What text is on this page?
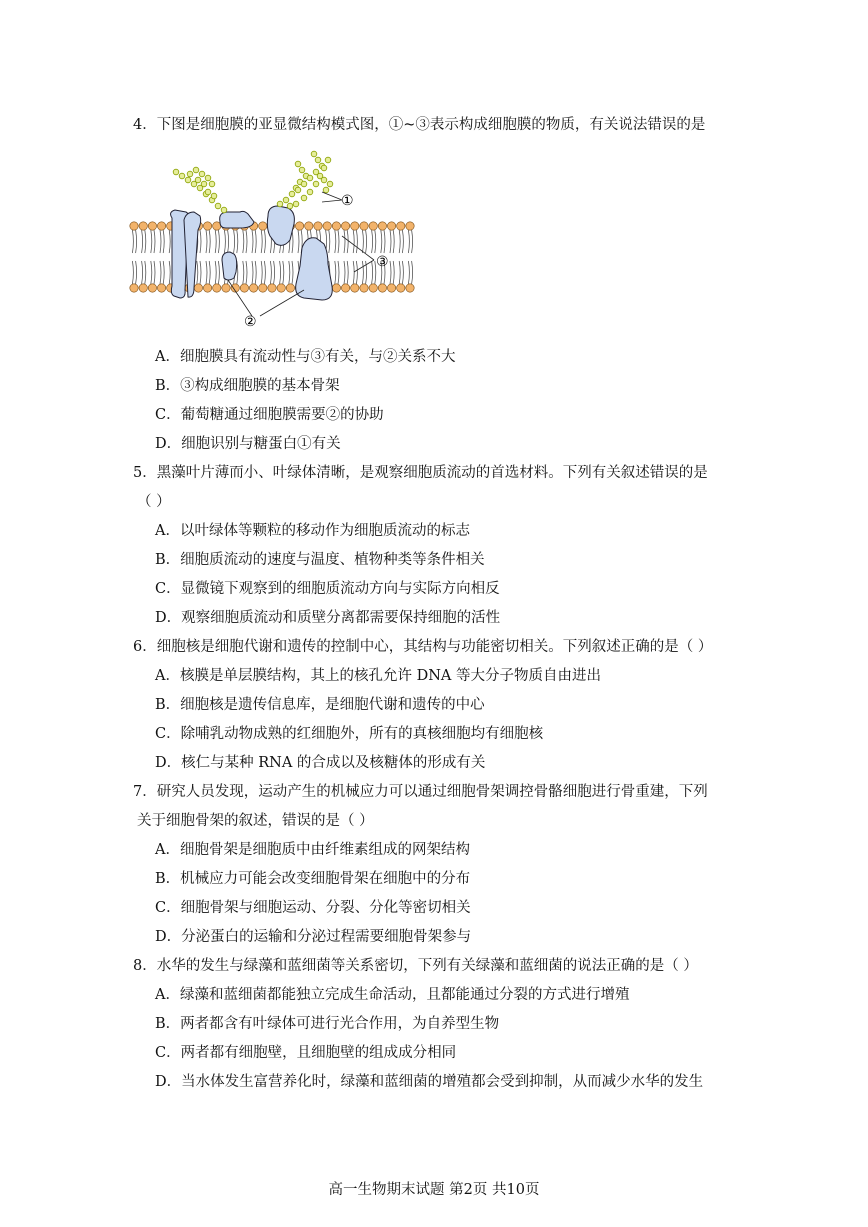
4．下图是细胞膜的亚显微结构模式图，①~③表示构成细胞膜的物质，有关说法错误的是
①
③
②
A．细胞膜具有流动性与③有关，与②关系不大
B．③构成细胞膜的基本骨架
C．葡萄糖通过细胞膜需要②的协助
D．细胞识别与糖蛋白①有关
5．黑藻叶片薄而小、叶绿体清晰，是观察细胞质流动的首选材料。下列有关叙述错误的是
（ ）
A．以叶绿体等颗粒的移动作为细胞质流动的标志
B．细胞质流动的速度与温度、植物种类等条件相关
C．显微镜下观察到的细胞质流动方向与实际方向相反
D．观察细胞质流动和质壁分离都需要保持细胞的活性
6．细胞核是细胞代谢和遗传的控制中心，其结构与功能密切相关。下列叙述正确的是（ ）
A．核膜是单层膜结构，其上的核孔允许 DNA 等大分子物质自由进出
B．细胞核是遗传信息库，是细胞代谢和遗传的中心
C．除哺乳动物成熟的红细胞外，所有的真核细胞均有细胞核
D．核仁与某种 RNA 的合成以及核糖体的形成有关
7．研究人员发现，运动产生的机械应力可以通过细胞骨架调控骨骼细胞进行骨重建，下列
关于细胞骨架的叙述，错误的是（ ）
A．细胞骨架是细胞质中由纤维素组成的网架结构
B．机械应力可能会改变细胞骨架在细胞中的分布
C．细胞骨架与细胞运动、分裂、分化等密切相关
D．分泌蛋白的运输和分泌过程需要细胞骨架参与
8．水华的发生与绿藻和蓝细菌等关系密切，下列有关绿藻和蓝细菌的说法正确的是（ ）
A．绿藻和蓝细菌都能独立完成生命活动，且都能通过分裂的方式进行增殖
B．两者都含有叶绿体可进行光合作用，为自养型生物
C．两者都有细胞壁，且细胞壁的组成成分相同
D．当水体发生富营养化时，绿藻和蓝细菌的增殖都会受到抑制，从而减少水华的发生
高一生物期末试题 第2页 共10页
